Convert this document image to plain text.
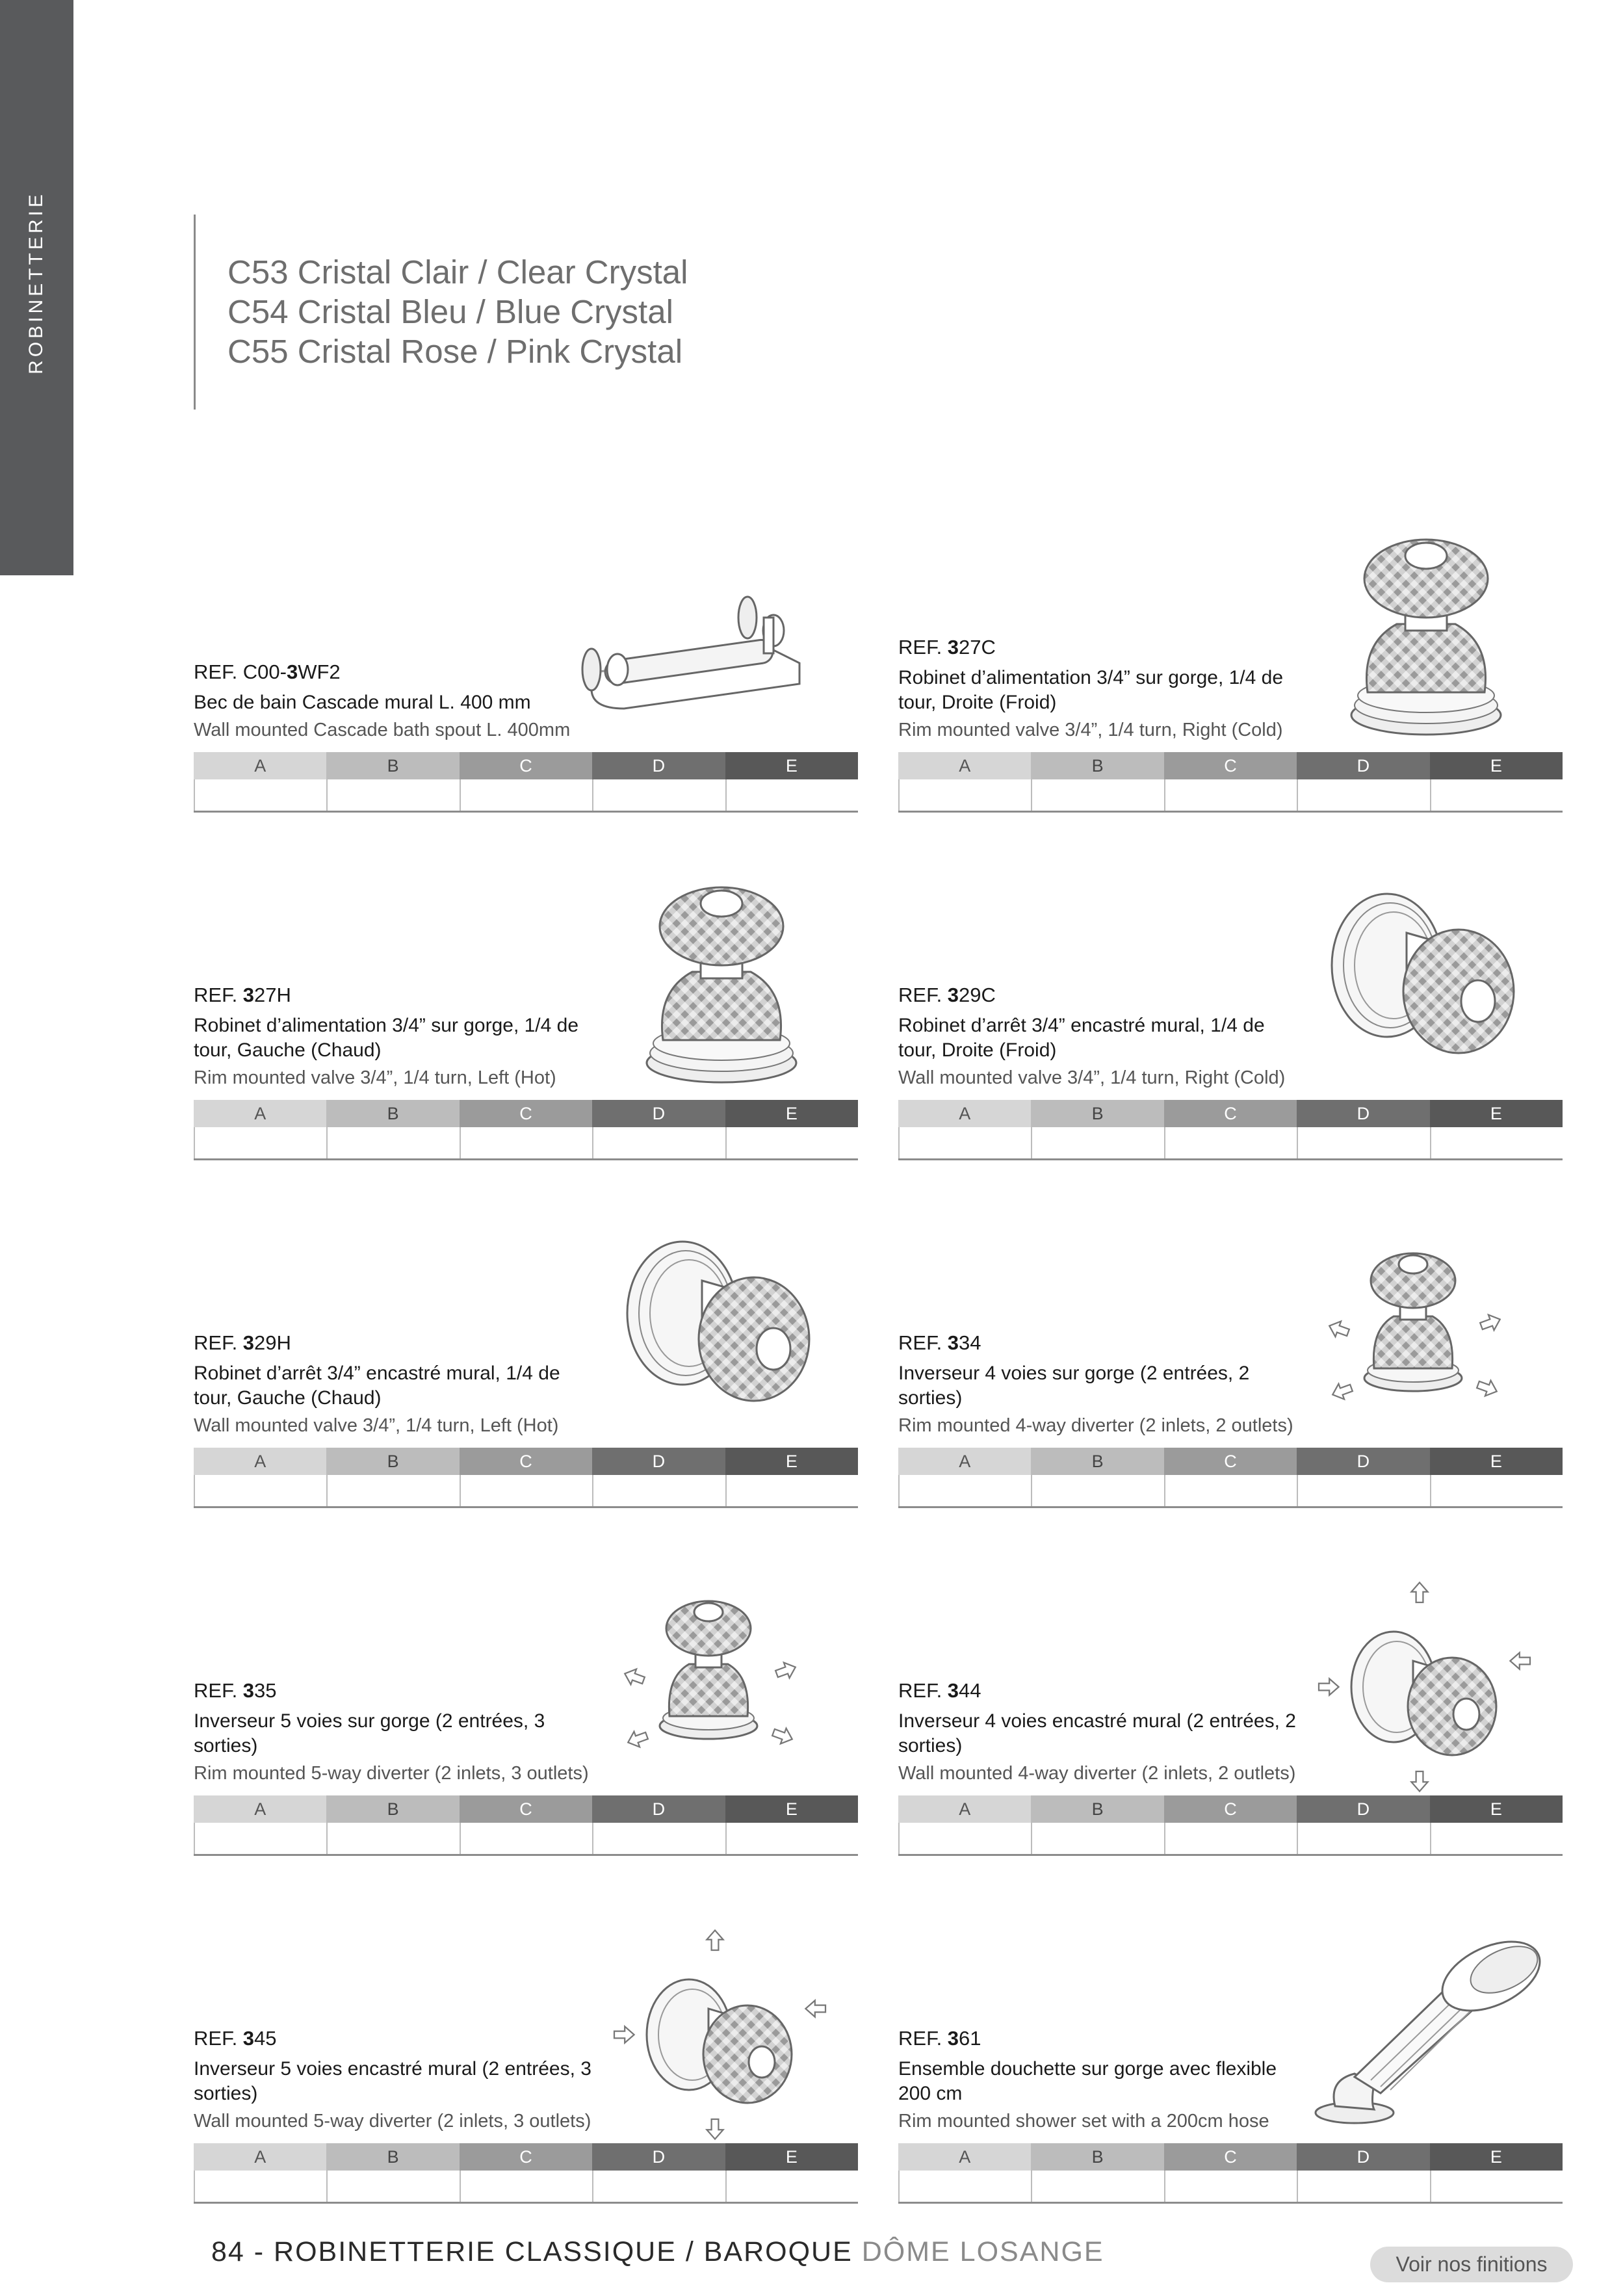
ROBINETTERIE	C53 Cristal Clair / Clear Crystal
C54 Cristal Bleu / Blue Crystal
C55 Cristal Rose / Pink Crystal
REF. C00-3WF2
Bec de bain Cascade mural L. 400 mm
Wall mounted Cascade bath spout L. 400mm
A	B	C	D	E
REF. 327C
Robinet d’alimentation 3/4” sur gorge, 1/4 de tour, Droite (Froid)
Rim mounted valve 3/4”, 1/4 turn, Right (Cold)
A	B	C	D	E
REF. 327H
Robinet d’alimentation 3/4” sur gorge, 1/4 de tour, Gauche (Chaud)
Rim mounted valve 3/4”, 1/4 turn, Left (Hot)
A	B	C	D	E
REF. 329C
Robinet d’arrêt 3/4” encastré mural, 1/4 de tour, Droite (Froid)
Wall mounted valve 3/4”, 1/4 turn, Right (Cold)
A	B	C	D	E
REF. 329H
Robinet d’arrêt 3/4” encastré mural, 1/4 de tour, Gauche (Chaud)
Wall mounted valve 3/4”, 1/4 turn, Left (Hot)
A	B	C	D	E
REF. 334
Inverseur 4 voies sur gorge (2 entrées, 2 sorties)
Rim mounted 4-way diverter (2 inlets, 2 outlets)
A	B	C	D	E
REF. 335
Inverseur 5 voies sur gorge (2 entrées, 3 sorties)
Rim mounted 5-way diverter (2 inlets, 3 outlets)
A	B	C	D	E
REF. 344
Inverseur 4 voies encastré mural (2 entrées, 2 sorties)
Wall mounted 4-way diverter (2 inlets, 2 outlets)
A	B	C	D	E
REF. 345
Inverseur 5 voies encastré mural (2 entrées, 3 sorties)
Wall mounted 5-way diverter (2 inlets, 3 outlets)
A	B	C	D	E
REF. 361
Ensemble douchette sur gorge avec flexible 200 cm
Rim mounted shower set with a 200cm hose
A	B	C	D	E
84 - ROBINETTERIE CLASSIQUE / BAROQUE DÔME LOSANGE	Voir nos finitions
